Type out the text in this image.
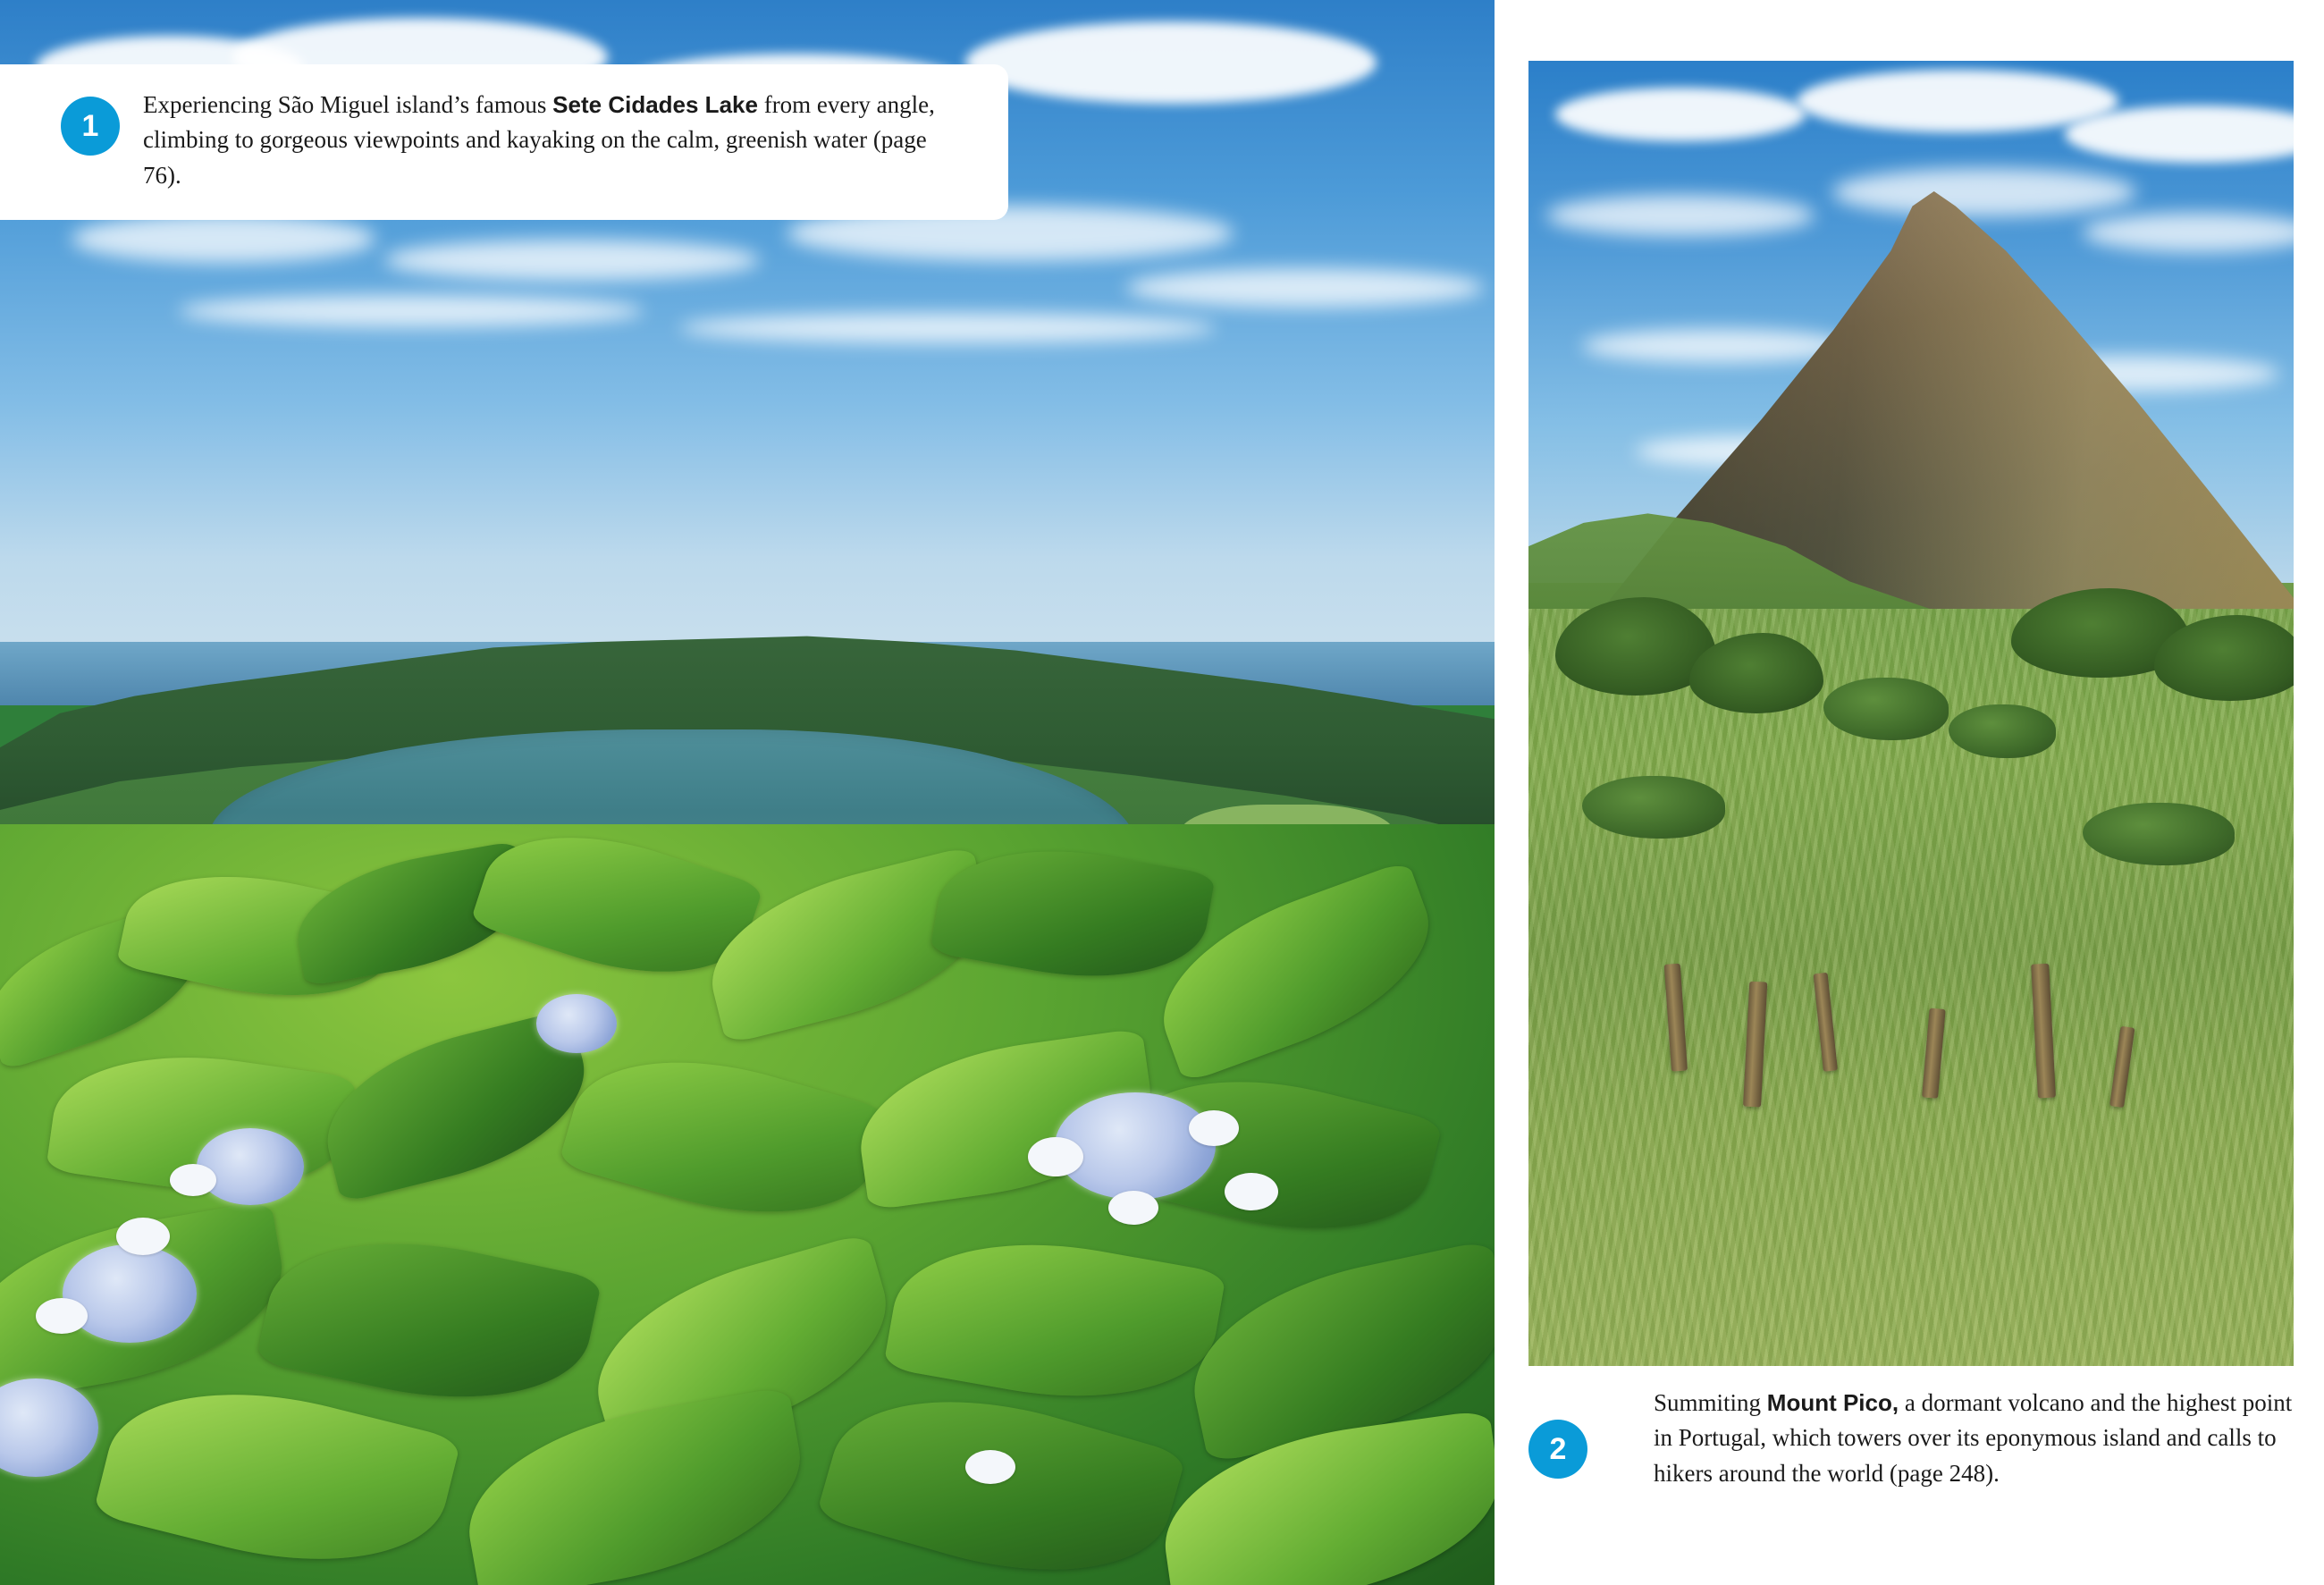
1

Experiencing São Miguel island’s famous Sete Cidades Lake from every angle, climbing to gorgeous viewpoints and kayaking on the calm, greenish water (page 76).

Summiting Mount Pico, a dormant volcano and the highest point in Portugal, which towers over its eponymous island and calls to hikers around the world (page 248).

2
